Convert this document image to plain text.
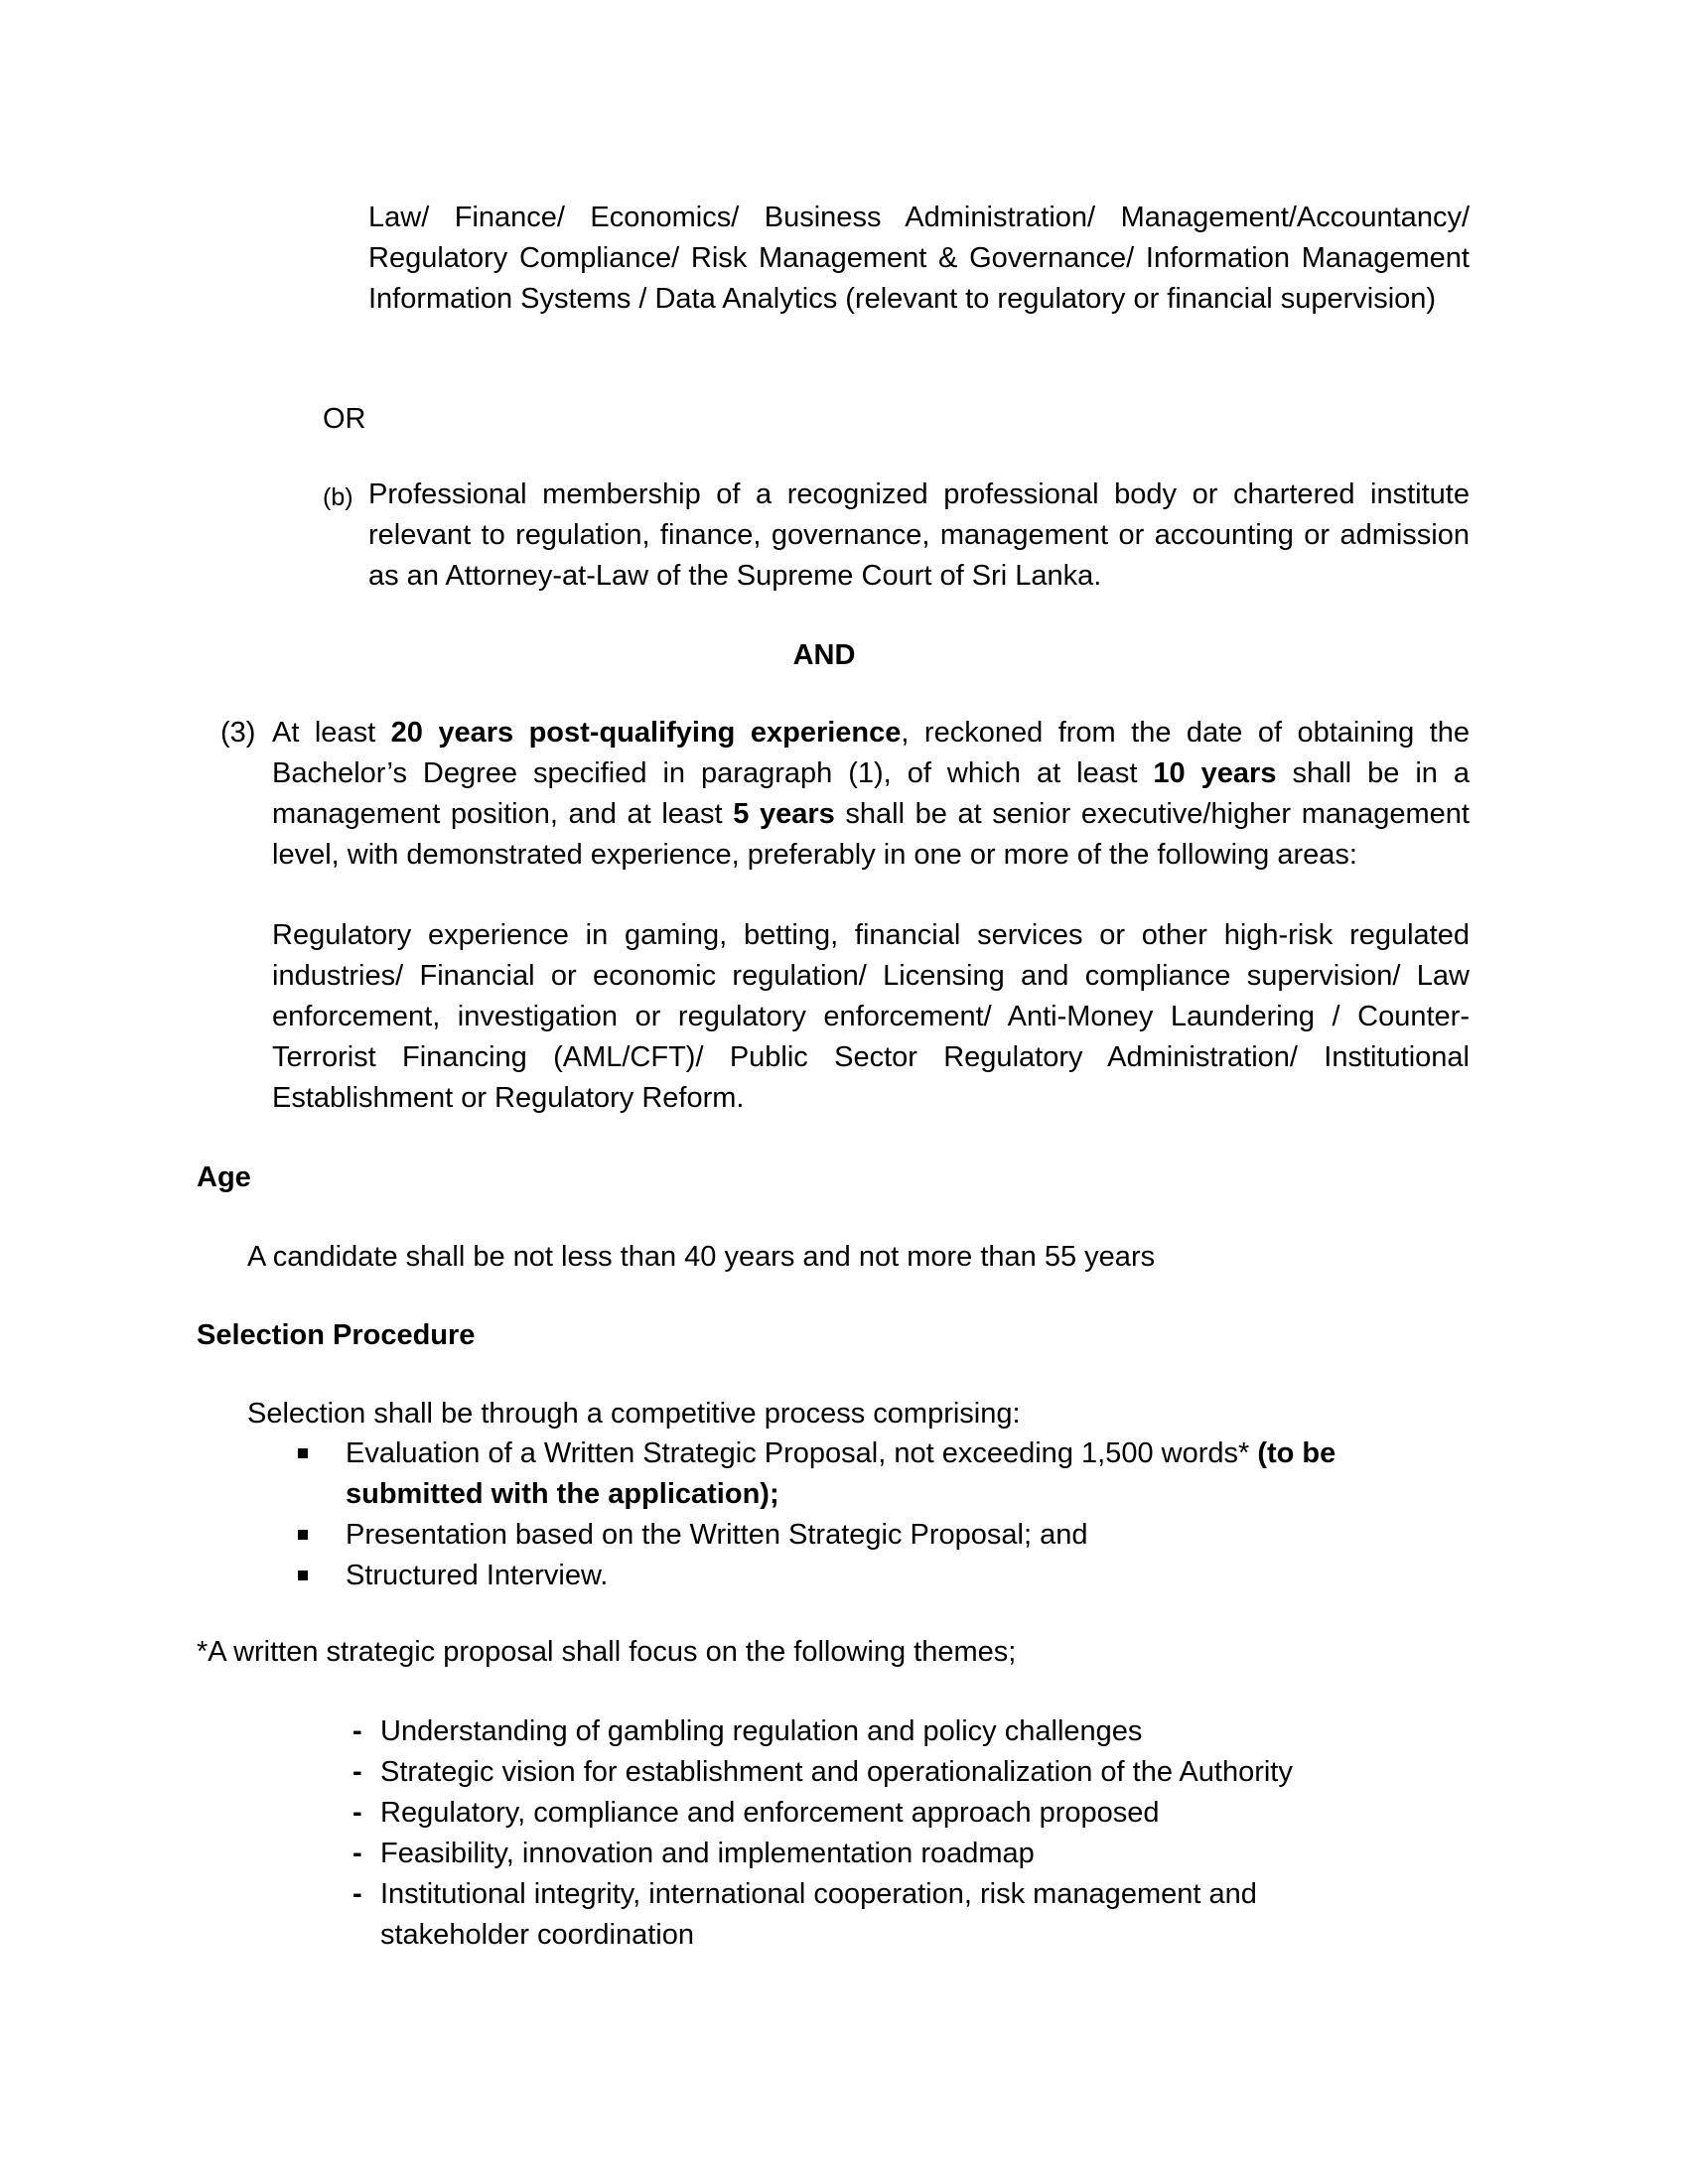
Law/ Finance/ Economics/ Business Administration/ Management/Accountancy/ Regulatory Compliance/ Risk Management & Governance/ Information Management Information Systems / Data Analytics (relevant to regulatory or financial supervision)
OR
(b) Professional membership of a recognized professional body or chartered institute relevant to regulation, finance, governance, management or accounting or admission as an Attorney-at-Law of the Supreme Court of Sri Lanka.
AND
(3) At least 20 years post-qualifying experience, reckoned from the date of obtaining the Bachelor’s Degree specified in paragraph (1), of which at least 10 years shall be in a management position, and at least 5 years shall be at senior executive/higher management level, with demonstrated experience, preferably in one or more of the following areas:
Regulatory experience in gaming, betting, financial services or other high-risk regulated industries/ Financial or economic regulation/ Licensing and compliance supervision/ Law enforcement, investigation or regulatory enforcement/ Anti-Money Laundering / Counter-Terrorist Financing (AML/CFT)/ Public Sector Regulatory Administration/ Institutional Establishment or Regulatory Reform.
Age
A candidate shall be not less than 40 years and not more than 55 years
Selection Procedure
Selection shall be through a competitive process comprising:
Evaluation of a Written Strategic Proposal, not exceeding 1,500 words* (to be submitted with the application);
Presentation based on the Written Strategic Proposal; and
Structured Interview.
*A written strategic proposal shall focus on the following themes;
- Understanding of gambling regulation and policy challenges
- Strategic vision for establishment and operationalization of the Authority
- Regulatory, compliance and enforcement approach proposed
- Feasibility, innovation and implementation roadmap
- Institutional integrity, international cooperation, risk management and stakeholder coordination
